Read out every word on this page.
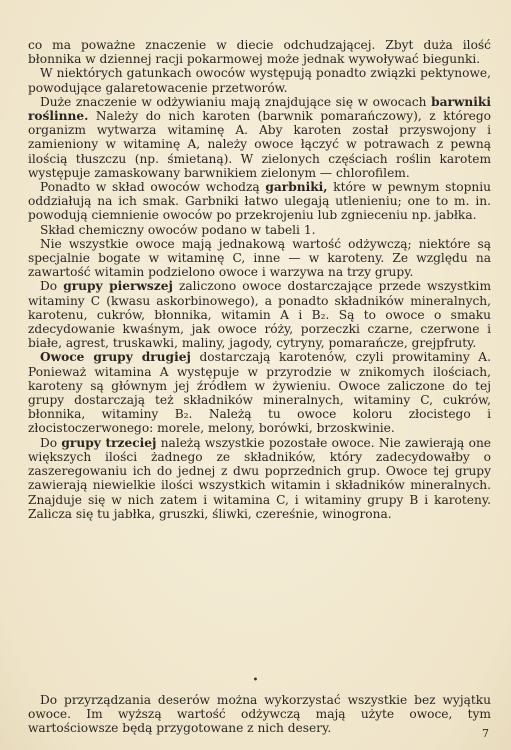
co ma poważne znaczenie w diecie odchudzającej. Zbyt duża ilość błonnika w dziennej racji pokarmowej może jednak wywoływać biegunki.

W niektórych gatunkach owoców występują ponadto związki pektynowe, powodujące galaretowacenie przetworów.

Duże znaczenie w odżywianiu mają znajdujące się w owocach barwniki roślinne. Należy do nich karoten (barwnik pomarańczowy), z którego organizm wytwarza witaminę A. Aby karoten został przyswojony i zamieniony w witaminę A, należy owoce łączyć w potrawach z pewną ilością tłuszczu (np. śmietaną). W zielonych częściach roślin karotem występuje zamaskowany barwnikiem zielonym — chlorofilem.

Ponadto w skład owoców wchodzą garbniki, które w pewnym stopniu oddziałują na ich smak. Garbniki łatwo ulegają utlenieniu; one to m. in. powodują ciemnienie owoców po przekrojeniu lub zgnieceniu np. jabłka.

Skład chemiczny owoców podano w tabeli 1.

Nie wszystkie owoce mają jednakową wartość odżywczą; niektóre są specjalnie bogate w witaminę C, inne — w karoteny. Ze względu na zawartość witamin podzielono owoce i warzywa na trzy grupy.

Do grupy pierwszej zaliczono owoce dostarczające przede wszystkim witaminy C (kwasu askorbinowego), a ponadto składników mineralnych, karotenu, cukrów, błonnika, witamin A i B₂. Są to owoce o smaku zdecydowanie kwaśnym, jak owoce róży, porzeczki czarne, czerwone i białe, agrest, truskawki, maliny, jagody, cytryny, pomarańcze, grejpfruty.

Owoce grupy drugiej dostarczają karotenów, czyli prowitaminy A. Ponieważ witamina A występuje w przyrodzie w znikomych ilościach, karoteny są głównym jej źródłem w żywieniu. Owoce zaliczone do tej grupy dostarczają też składników mineralnych, witaminy C, cukrów, błonnika, witaminy B₂. Należą tu owoce koloru złocistego i złocistoczerwonego: morele, melony, borówki, brzoskwinie.

Do grupy trzeciej należą wszystkie pozostałe owoce. Nie zawierają one większych ilości żadnego ze składników, który zadecydowałby o zaszeregowaniu ich do jednej z dwu poprzednich grup. Owoce tej grupy zawierają niewielkie ilości wszystkich witamin i składników mineralnych. Znajduje się w nich zatem i witamina C, i witaminy grupy B i karoteny. Zalicza się tu jabłka, gruszki, śliwki, czereśnie, winogrona.

•

Do przyrządzania deserów można wykorzystać wszystkie bez wyjątku owoce. Im wyższą wartość odżywczą mają użyte owoce, tym wartościowsze będą przygotowane z nich desery.	7
